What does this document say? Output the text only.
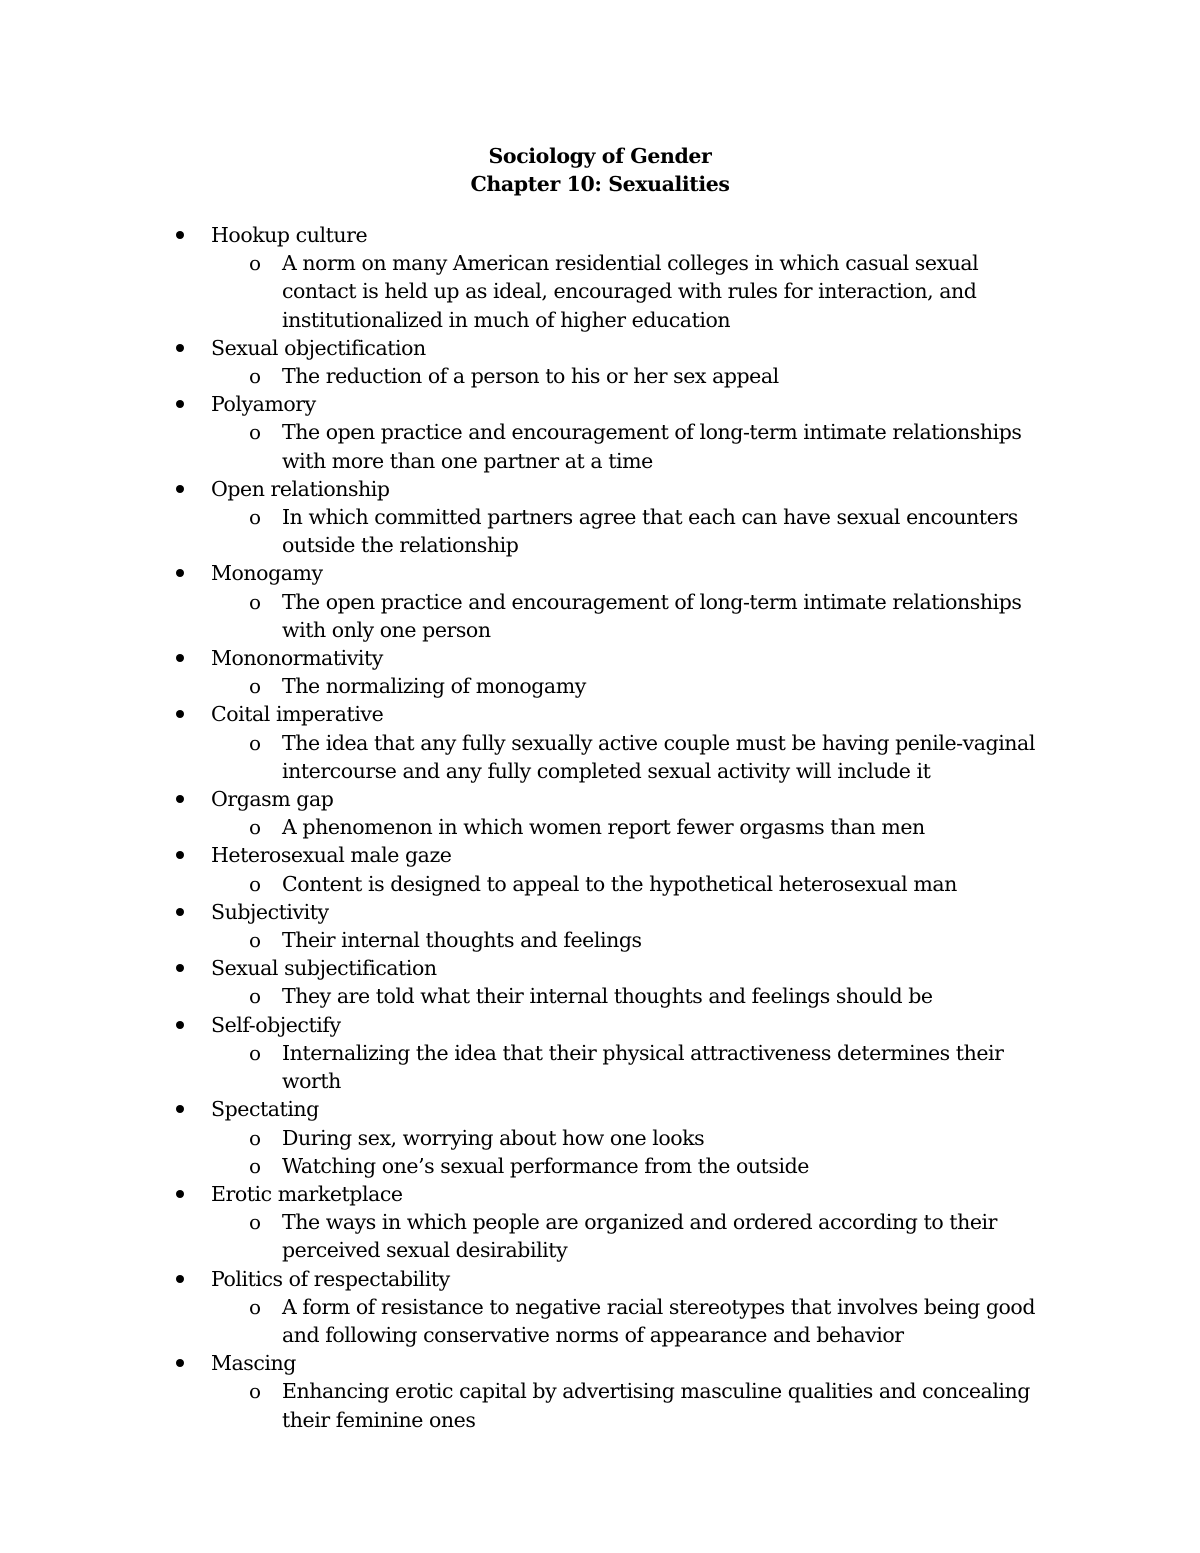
Sociology of Gender
Chapter 10: Sexualities
Hookup culture
o A norm on many American residential colleges in which casual sexual contact is held up as ideal, encouraged with rules for interaction, and institutionalized in much of higher education
Sexual objectification
o The reduction of a person to his or her sex appeal
Polyamory
o The open practice and encouragement of long-term intimate relationships with more than one partner at a time
Open relationship
o In which committed partners agree that each can have sexual encounters outside the relationship
Monogamy
o The open practice and encouragement of long-term intimate relationships with only one person
Mononormativity
o The normalizing of monogamy
Coital imperative
o The idea that any fully sexually active couple must be having penile-vaginal intercourse and any fully completed sexual activity will include it
Orgasm gap
o A phenomenon in which women report fewer orgasms than men
Heterosexual male gaze
o Content is designed to appeal to the hypothetical heterosexual man
Subjectivity
o Their internal thoughts and feelings
Sexual subjectification
o They are told what their internal thoughts and feelings should be
Self-objectify
o Internalizing the idea that their physical attractiveness determines their worth
Spectating
o During sex, worrying about how one looks
o Watching one’s sexual performance from the outside
Erotic marketplace
o The ways in which people are organized and ordered according to their perceived sexual desirability
Politics of respectability
o A form of resistance to negative racial stereotypes that involves being good and following conservative norms of appearance and behavior
Mascing
o Enhancing erotic capital by advertising masculine qualities and concealing their feminine ones
